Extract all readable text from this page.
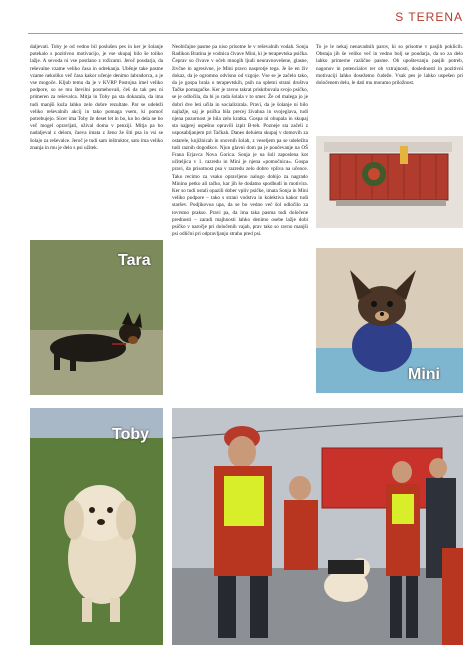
S TERENA
daljevati. Toby je od vedno bil poslušen pes in ker je šolanje potekalo s pozitivno motivacijo, je vse skupaj bilo še toliko lažje. A sevoda ni vse postlano z rožicami. Jeroč poudarja, da reševalne vzame veliko časa in odrekanja. Uběnje take pasme vzame nekoliko več časa kakor učenje denimo labradorca, a je vse mogoče. Kljub temu da je v KVRP Postojna imel veliko podpore, so se mu številni posmehovali, češ da tak pes ni primeren za reševalca. Mitja in Toby pa sta dokazala, da ima tudi manjši kuža lahko zelo dobre rezultate. Par se udeleži veliko reševalnih akcij in tako pomaga vsem, ki pomoč potrebujejo. Sicer ima Toby že deset let in bo, ko bo dela ne bo več mogel opravljati, užival doma v penziji. Mitja pa bo nadaljeval z delom, čaeva imata z ženo že šiti psa in vsi se šolajo za reševalce. Jeroč je tudi sam inštruktor, sato ima veliko znanja in mu je delo s psi užitek.
Neobičajne pasme pa niso prisotne le v reševalnih vodah. Sonja Radikon Bratina je vodnica čivave Mini, ki je terapevtska psička. Čeprav so čivave v očeh mnogih ljudi neuravnovešene, glasne, živčne in agresivne, je Mini pravo nasprotje tega. Je še en živ dokaz, da je ogromno odvisno od vzgoje. Vse se je začelo tako, da je gospa brala o terapevtskih, psih na spletni strani društva Tačke pomagačke. Ker je ravno takrat priskrbovala svojo psičko, se je odločila, da bi jo rada šolala v to smer. Že od malega jo je dobri dve leti učila in socializirala. Pravi, da je šolanje ni bilo najlažje, saj je psička bila precej živahna in svojeglava, tudi njena pozornost je bila zelo kratka. Gospa ni obupala in skupaj sta najprej uspešno opravili izpit B-teh. Pozneje sta začeli z usposabljanjem pri Tačkah. Danes deluieta skupaj v domovih za ostarele, knjižnicah in snovnih šolah, z veseljem pa se udeležita tudi raznih dogodkov. Njun glavni dom pa je poučevanje na OŠ Frana Erjavca Nova Gorica. Sonja je na šoli zaposlena kot učiteljica v 1. razredu in Mini je njena »pomočnica«. Gospa pravi, da prisotnost psa v razredu zelo dobro vpliva na učence. Tako recimo za vsako opravljeno nalogo dobijo za nagrado Minino petko ali tačko, kar jih še dodatno spodbudi in motivira. Ker so tudi ostali opazili dober vpliv psičke, imata Sonja in Mini veliko podpore – tako s strani vodstva in kolektiva kakor tudi staršev. Podjikovoa upa, da se bo vedno več šol odločilo za tovrstno prakso. Pravi pa, da ima taka pasma tudi določene prednosti – zaradi majhnosti lahko denimo osebe lažje dobi psičko v naročje pri določenih vajah, prav tako so ravno manjši psi odlični pri odpravljanju strahu pred psi.
To je le nekaj nenavadnih parov, ki so prisotne v pasjih poklicih. Obstaja jih še veliko več in vedno bolj se poudarja, da so za delo lahko primerne različne pasme. Ob upoštevanju pasjih potreb, nagonov in potencialov ter ob vztrajnosti, doslednosti in pozitivni motivaciji lahko dosežemo čudeže. Vsak pes je lahko uspešen pri določenem delu, le dati mu moramo priložnost.
Tara
Toby
Mini
